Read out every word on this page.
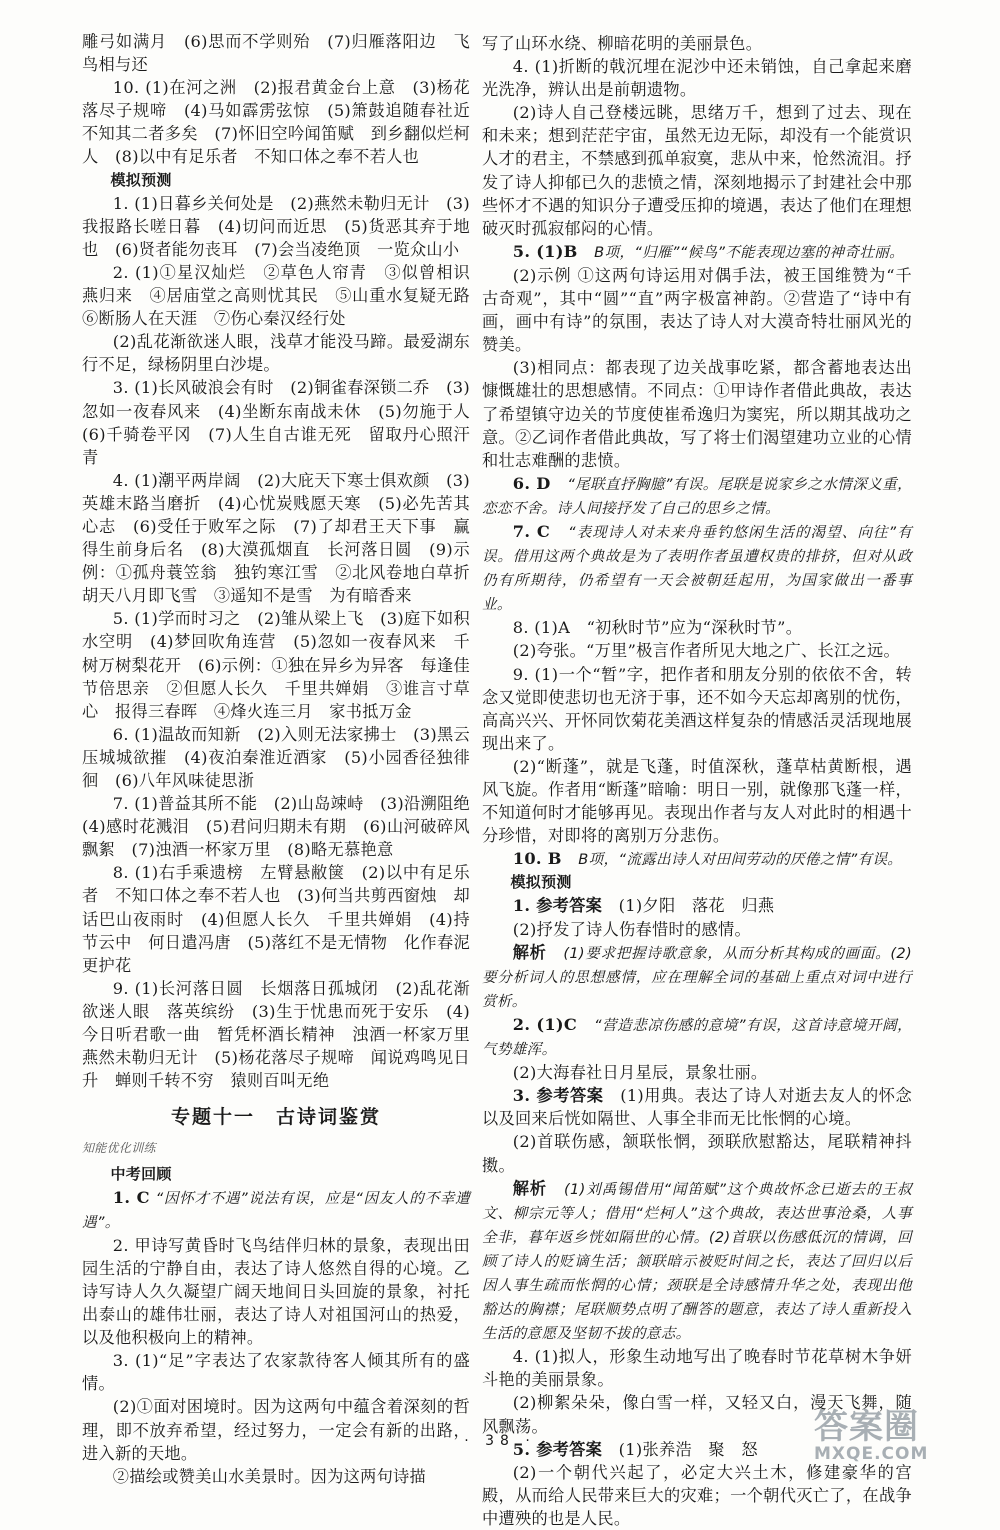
雕弓如满月　(6)思而不学则殆　(7)归雁落阳边　飞鸟相与还

10. (1)在河之洲　(2)报君黄金台上意　(3)杨花落尽子规啼　(4)马如霹雳弦惊　(5)箫鼓追随春社近　不知其二者多矣　(7)怀旧空吟闻笛赋　到乡翻似烂柯人　(8)以中有足乐者　不知口体之奉不若人也

模拟预测

1. (1)日暮乡关何处是　(2)燕然未勒归无计　(3)我报路长嗟日暮　(4)切问而近思　(5)货恶其弃于地也　(6)贤者能勿丧耳　(7)会当凌绝顶　一览众山小

2. (1)①星汉灿烂　②草色人帘青　③似曾相识燕归来　④居庙堂之高则忧其民　⑤山重水复疑无路　⑥断肠人在天涯　⑦伤心秦汉经行处

(2)乱花渐欲迷人眼，浅草才能没马蹄。最爱湖东行不足，绿杨阴里白沙堤。

3. (1)长风破浪会有时　(2)铜雀春深锁二乔　(3)忽如一夜春风来　(4)坐断东南战未休　(5)勿施于人　(6)千骑卷平冈　(7)人生自古谁无死　留取丹心照汗青

4. (1)潮平两岸阔　(2)大庇天下寒士俱欢颜　(3)英雄末路当磨折　(4)心忧炭贱愿天寒　(5)必先苦其心志　(6)受任于败军之际　(7)了却君王天下事　赢得生前身后名　(8)大漠孤烟直　长河落日圆　(9)示例：①孤舟蓑笠翁　独钓寒江雪　②北风卷地白草折　胡天八月即飞雪　③遥知不是雪　为有暗香来

5. (1)学而时习之　(2)雏从梁上飞　(3)庭下如积水空明　(4)梦回吹角连营　(5)忽如一夜春风来　千树万树梨花开　(6)示例：①独在异乡为异客　每逢佳节倍思亲　②但愿人长久　千里共婵娟　③谁言寸草心　报得三春晖　④烽火连三月　家书抵万金

6. (1)温故而知新　(2)入则无法家拂士　(3)黑云压城城欲摧　(4)夜泊秦淮近酒家　(5)小园香径独徘徊　(6)八年风味徒思浙

7. (1)普益其所不能　(2)山岛竦峙　(3)沿溯阻绝　(4)感时花溅泪　(5)君问归期未有期　(6)山河破碎风飘絮　(7)浊酒一杯家万里　(8)略无慕艳意

8. (1)右手乘遗榜　左臂悬敝箧　(2)以中有足乐者　不知口体之奉不若人也　(3)何当共剪西窗烛　却话巴山夜雨时　(4)但愿人长久　千里共婵娟　(4)持节云中　何日遣冯唐　(5)落红不是无情物　化作春泥更护花

9. (1)长河落日圆　长烟落日孤城闭　(2)乱花渐欲迷人眼　落英缤纷　(3)生于忧患而死于安乐　(4)今日听君歌一曲　暂凭杯酒长精神　浊酒一杯家万里　燕然未勒归无计　(5)杨花落尽子规啼　闻说鸡鸣见日升　蝉则千转不穷　猿则百叫无绝

专题十一　古诗词鉴赏
知能优化训练

中考回顾

1. C “因怀才不遇”说法有误，应是“因友人的不幸遭遇”。

2. 甲诗写黄昏时飞鸟结伴归林的景象，表现出田园生活的宁静自由，表达了诗人悠然自得的心境。乙诗写诗人久久凝望广阔天地间日头回旋的景象，衬托出泰山的雄伟壮丽，表达了诗人对祖国河山的热爱，以及他积极向上的精神。

3. (1)“足”字表达了农家款待客人倾其所有的盛情。

(2)①面对困境时。因为这两句中蕴含着深刻的哲理，即不放弃希望，经过努力，一定会有新的出路，进入新的天地。

②描绘或赞美山水美景时。因为这两句诗描

写了山环水绕、柳暗花明的美丽景色。

4. (1)折断的戟沉埋在泥沙中还未销蚀，自己拿起来磨光洗净，辨认出是前朝遗物。

(2)诗人自己登楼远眺，思绪万千，想到了过去、现在和未来；想到茫茫宇宙，虽然无边无际，却没有一个能赏识人才的君主，不禁感到孤单寂寞，悲从中来，怆然流泪。抒发了诗人抑郁已久的悲愤之情，深刻地揭示了封建社会中那些怀才不遇的知识分子遭受压抑的境遇，表达了他们在理想破灭时孤寂郁闷的心情。

5. (1)B　 B项，“归雁”“候鸟”不能表现边塞的神奇壮丽。

(2)示例 ①这两句诗运用对偶手法，被王国维赞为“千古奇观”，其中“圆”“直”两字极富神韵。②营造了“诗中有画，画中有诗”的氛围，表达了诗人对大漠奇特壮丽风光的赞美。

(3)相同点：都表现了边关战事吃紧，都含蓄地表达出慷慨雄壮的思想感情。不同点：①甲诗作者借此典故，表达了希望镇守边关的节度使崔希逸归为窦宪，所以期其战功之意。②乙词作者借此典故，写了将士们渴望建功立业的心情和壮志难酬的悲愤。

6. D　 “尾联直抒胸臆”有误。尾联是说家乡之水情深义重，恋恋不舍。诗人间接抒发了自己的思乡之情。

7. C　 “表现诗人对未来舟垂钓悠闲生活的渴望、向往”有误。借用这两个典故是为了表明作者虽遭权贵的排挤，但对从政仍有所期待，仍希望有一天会被朝廷起用，为国家做出一番事业。

8. (1)A　“初秋时节”应为“深秋时节”。

(2)夸张。“万里”极言作者所见大地之广、长江之远。

9. (1)一个“暂”字，把作者和朋友分别的依依不舍，转念又觉即使悲切也无济于事，还不如今天忘却离别的忧伤，高高兴兴、开怀同饮菊花美酒这样复杂的情感活灵活现地展现出来了。

(2)“断蓬”，就是飞蓬，时值深秋，蓬草枯黄断根，遇风飞旋。作者用“断蓬”暗喻：明日一别，就像那飞蓬一样，不知道何时才能够再见。表现出作者与友人对此时的相遇十分珍惜，对即将的离别万分悲伤。

10. B　 B项，“流露出诗人对田间劳动的厌倦之情”有误。

模拟预测

1. 参考答案　 (1)夕阳　落花　归燕

(2)抒发了诗人伤春惜时的感情。

解析　 (1)要求把握诗歌意象，从而分析其构成的画面。(2)要分析词人的思想感情，应在理解全词的基础上重点对词中进行赏析。

2. (1)C　 “营造悲凉伤感的意境”有误，这首诗意境开阔，气势雄浑。

(2)大海春社日月星辰，景象壮丽。

3. 参考答案　 (1)用典。表达了诗人对逝去友人的怀念以及回来后恍如隔世、人事全非而无比怅惘的心境。

(2)首联伤感，颔联怅惘，颈联欣慰豁达，尾联精神抖擞。

解析　 (1)刘禹锡借用“闻笛赋”这个典故怀念已逝去的王叔文、柳宗元等人；借用“烂柯人”这个典故，表达世事沧桑，人事全非，暮年返乡恍如隔世的心情。(2)首联以伤感低沉的情调，回顾了诗人的贬谪生活；颔联暗示被贬时间之长，表达了回归以后因人事生疏而怅惘的心情；颈联是全诗感情升华之处，表现出他豁达的胸襟；尾联顺势点明了酬答的题意，表达了诗人重新投入生活的意愿及坚韧不拔的意志。

4. (1)拟人，形象生动地写出了晚春时节花草树木争妍斗艳的美丽景象。

(2)柳絮朵朵，像白雪一样，又轻又白，漫天飞舞，随风飘荡。

5. 参考答案　 (1)张养浩　聚　怒

(2)一个朝代兴起了，必定大兴土木，修建豪华的宫殿，从而给人民带来巨大的灾难；一个朝代灭亡了，在战争中遭殃的也是人民。

· 38 ·	答案圈
MXQE.COM
